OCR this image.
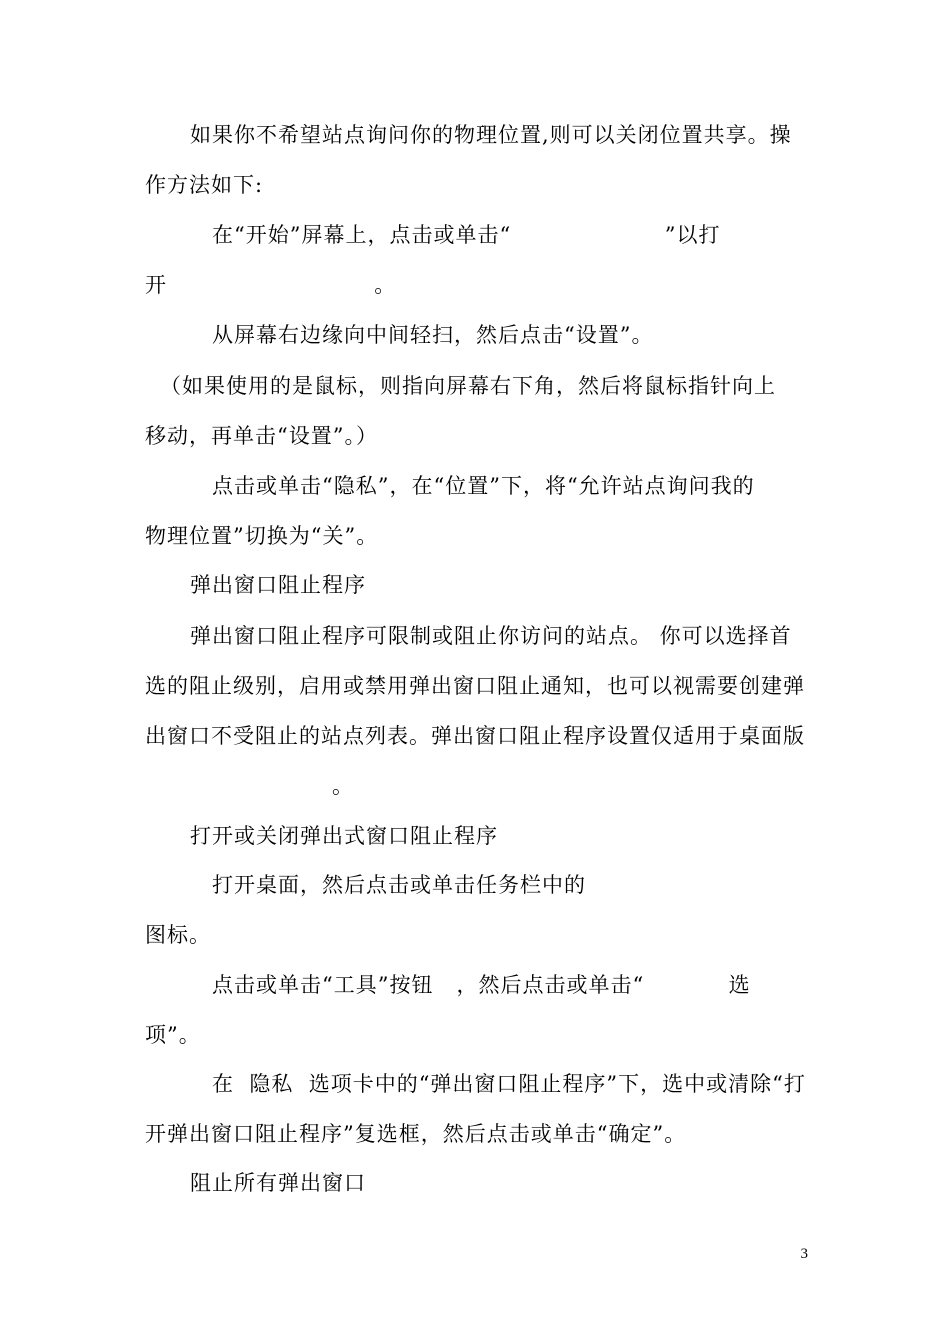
如果你不希望站点询问你的物理位置,则可以关闭位置共享。操
作方法如下:
在“开始”屏幕上，点击或单击“                    ”以打
开                           。
从屏幕右边缘向中间轻扫，然后点击“设置”。
（如果使用的是鼠标，则指向屏幕右下角，然后将鼠标指针向上
移动，再单击“设置”。）
点击或单击“隐私”，在“位置”下，将“允许站点询问我的
物理位置”切换为“关”。
弹出窗口阻止程序
弹出窗口阻止程序可限制或阻止你访问的站点。 你可以选择首
选的阻止级别，启用或禁用弹出窗口阻止通知，也可以视需要创建弹
出窗口不受阻止的站点列表。弹出窗口阻止程序设置仅适用于桌面版
。
打开或关闭弹出式窗口阻止程序
打开桌面，然后点击或单击任务栏中的
图标。
点击或单击“工具”按钮   ，然后点击或单击“           选
项”。
在  隐私  选项卡中的“弹出窗口阻止程序”下，选中或清除“打
开弹出窗口阻止程序”复选框，然后点击或单击“确定”。
阻止所有弹出窗口
3
